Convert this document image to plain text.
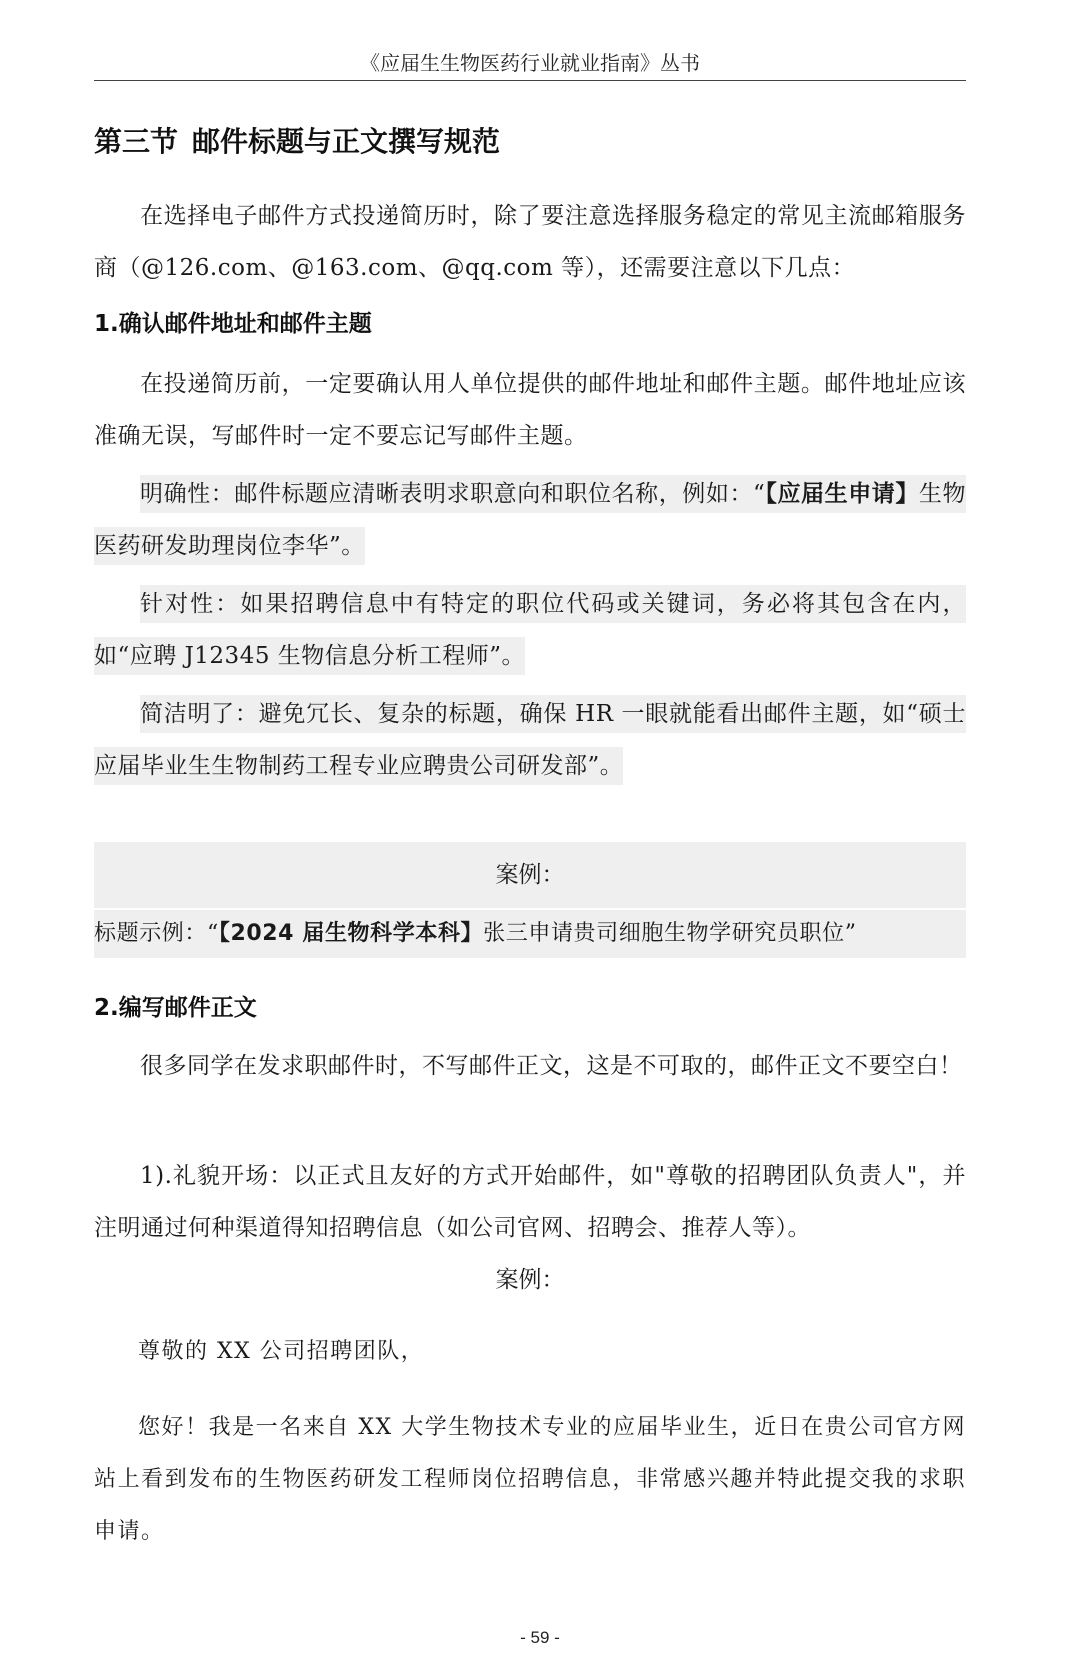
《应届生生物医药行业就业指南》丛书
第三节 邮件标题与正文撰写规范

在选择电子邮件方式投递简历时，除了要注意选择服务稳定的常见主流邮箱服务商（@126.com、@163.com、@qq.com 等），还需要注意以下几点：

1.确认邮件地址和邮件主题

在投递简历前，一定要确认用人单位提供的邮件地址和邮件主题。邮件地址应该准确无误，写邮件时一定不要忘记写邮件主题。

明确性：邮件标题应清晰表明求职意向和职位名称，例如：“【应届生申请】生物医药研发助理岗位李华”。

针对性：如果招聘信息中有特定的职位代码或关键词，务必将其包含在内，如“应聘 J12345 生物信息分析工程师”。

简洁明了：避免冗长、复杂的标题，确保 HR 一眼就能看出邮件主题，如“硕士应届毕业生生物制药工程专业应聘贵公司研发部”。

案例：
标题示例：“【2024 届生物科学本科】张三申请贵司细胞生物学研究员职位”
2.编写邮件正文

很多同学在发求职邮件时，不写邮件正文，这是不可取的，邮件正文不要空白！

1).礼貌开场：以正式且友好的方式开始邮件，如"尊敬的招聘团队负责人"，并注明通过何种渠道得知招聘信息（如公司官网、招聘会、推荐人等）。

案例：

尊敬的 XX 公司招聘团队，

您好！我是一名来自 XX 大学生物技术专业的应届毕业生，近日在贵公司官方网站上看到发布的生物医药研发工程师岗位招聘信息，非常感兴趣并特此提交我的求职申请。

- 59 -
